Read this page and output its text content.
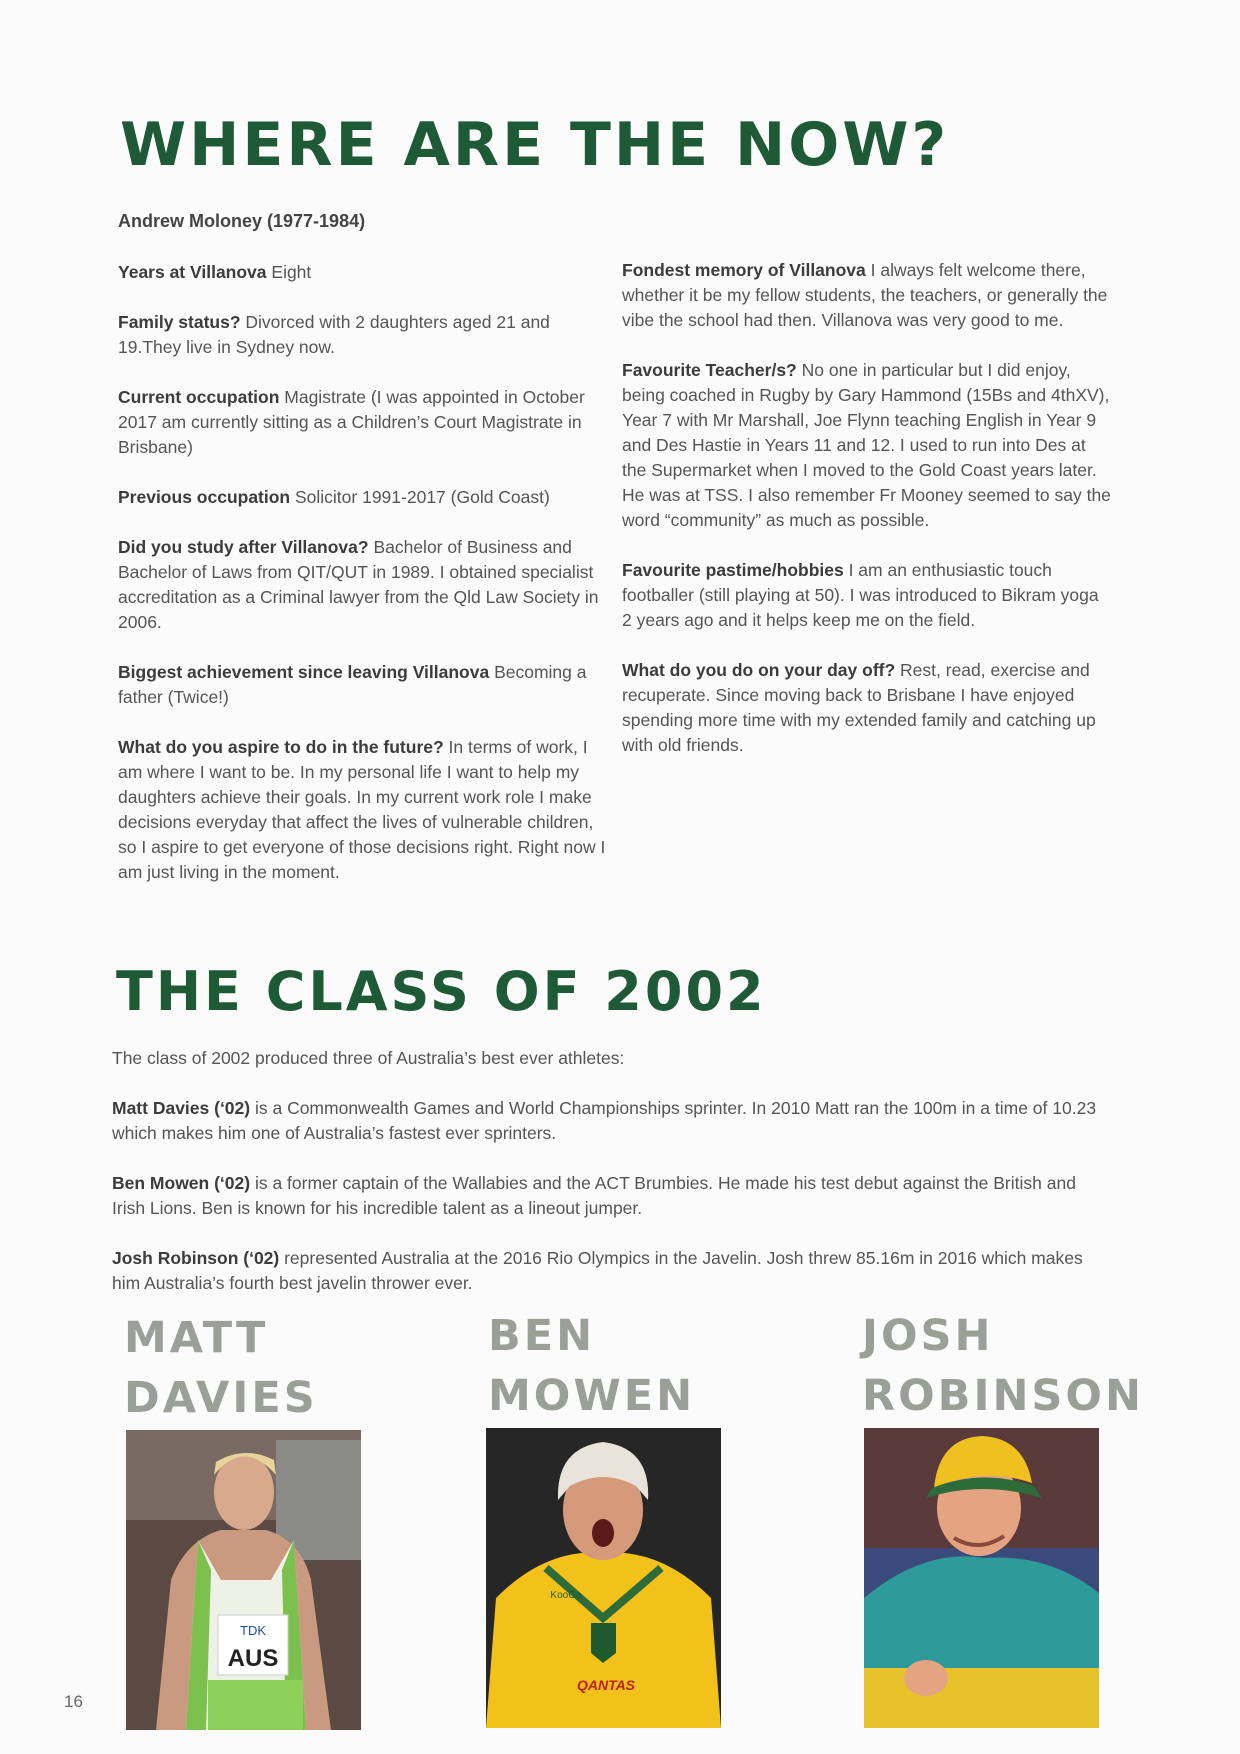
WHERE ARE THE NOW?
Andrew Moloney (1977-1984)

Years at Villanova Eight

Family status? Divorced with 2 daughters aged 21 and 19.They live in Sydney now.

Current occupation Magistrate (I was appointed in October 2017 am currently sitting as a Children’s Court Magistrate in Brisbane)

Previous occupation Solicitor 1991-2017 (Gold Coast)

Did you study after Villanova? Bachelor of Business and Bachelor of Laws from QIT/QUT in 1989. I obtained specialist accreditation as a Criminal lawyer from the Qld Law Society in 2006.

Biggest achievement since leaving Villanova Becoming a father (Twice!)

What do you aspire to do in the future? In terms of work, I am where I want to be. In my personal life I want to help my daughters achieve their goals. In my current work role I make decisions everyday that affect the lives of vulnerable children, so I aspire to get everyone of those decisions right. Right now I am just living in the moment.

Fondest memory of Villanova I always felt welcome there, whether it be my fellow students, the teachers, or generally the vibe the school had then. Villanova was very good to me.

Favourite Teacher/s? No one in particular but I did enjoy, being coached in Rugby by Gary Hammond (15Bs and 4thXV), Year 7 with Mr Marshall, Joe Flynn teaching English in Year 9 and Des Hastie in Years 11 and 12. I used to run into Des at the Supermarket when I moved to the Gold Coast years later. He was at TSS. I also remember Fr Mooney seemed to say the word “community” as much as possible.

Favourite pastime/hobbies I am an enthusiastic touch footballer (still playing at 50). I was introduced to Bikram yoga 2 years ago and it helps keep me on the field.

What do you do on your day off? Rest, read, exercise and recuperate. Since moving back to Brisbane I have enjoyed spending more time with my extended family and catching up with old friends.

THE CLASS OF 2002

The class of 2002 produced three of Australia’s best ever athletes:

Matt Davies (‘02) is a Commonwealth Games and World Championships sprinter. In 2010 Matt ran the 100m in a time of 10.23 which makes him one of Australia’s fastest ever sprinters.

Ben Mowen (‘02) is a former captain of the Wallabies and the ACT Brumbies. He made his test debut against the British and Irish Lions. Ben is known for his incredible talent as a lineout jumper.

Josh Robinson (‘02) represented Australia at the 2016 Rio Olympics in the Javelin. Josh threw 85.16m in 2016 which makes him Australia’s fourth best javelin thrower ever.

MATT
DAVIES
BEN
MOWEN
JOSH
ROBINSON
TDK
AUS
KooGa
QANTAS
16
